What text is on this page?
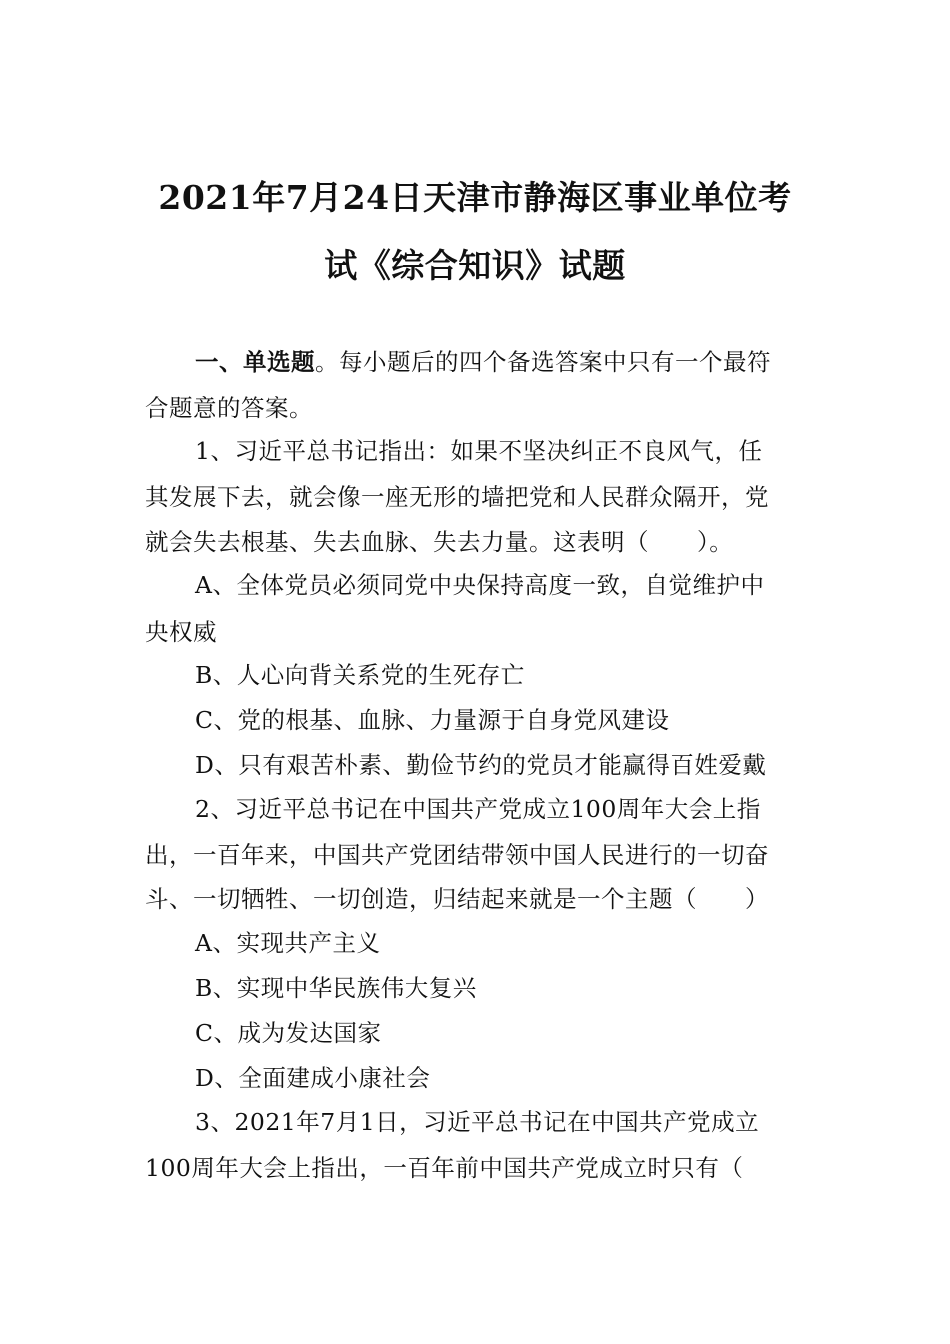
2021年7月24日天津市静海区事业单位考
试《综合知识》试题
一、单选题。每小题后的四个备选答案中只有一个最符
合题意的答案。
1、习近平总书记指出：如果不坚决纠正不良风气，任
其发展下去，就会像一座无形的墙把党和人民群众隔开，党
就会失去根基、失去血脉、失去力量。这表明（　　）。
A、全体党员必须同党中央保持高度一致，自觉维护中
央权威
B、人心向背关系党的生死存亡
C、党的根基、血脉、力量源于自身党风建设
D、只有艰苦朴素、勤俭节约的党员才能赢得百姓爱戴
2、习近平总书记在中国共产党成立100周年大会上指
出，一百年来，中国共产党团结带领中国人民进行的一切奋
斗、一切牺牲、一切创造，归结起来就是一个主题（　　）
A、实现共产主义
B、实现中华民族伟大复兴
C、成为发达国家
D、全面建成小康社会
3、2021年7月1日，习近平总书记在中国共产党成立
100周年大会上指出，一百年前中国共产党成立时只有（
